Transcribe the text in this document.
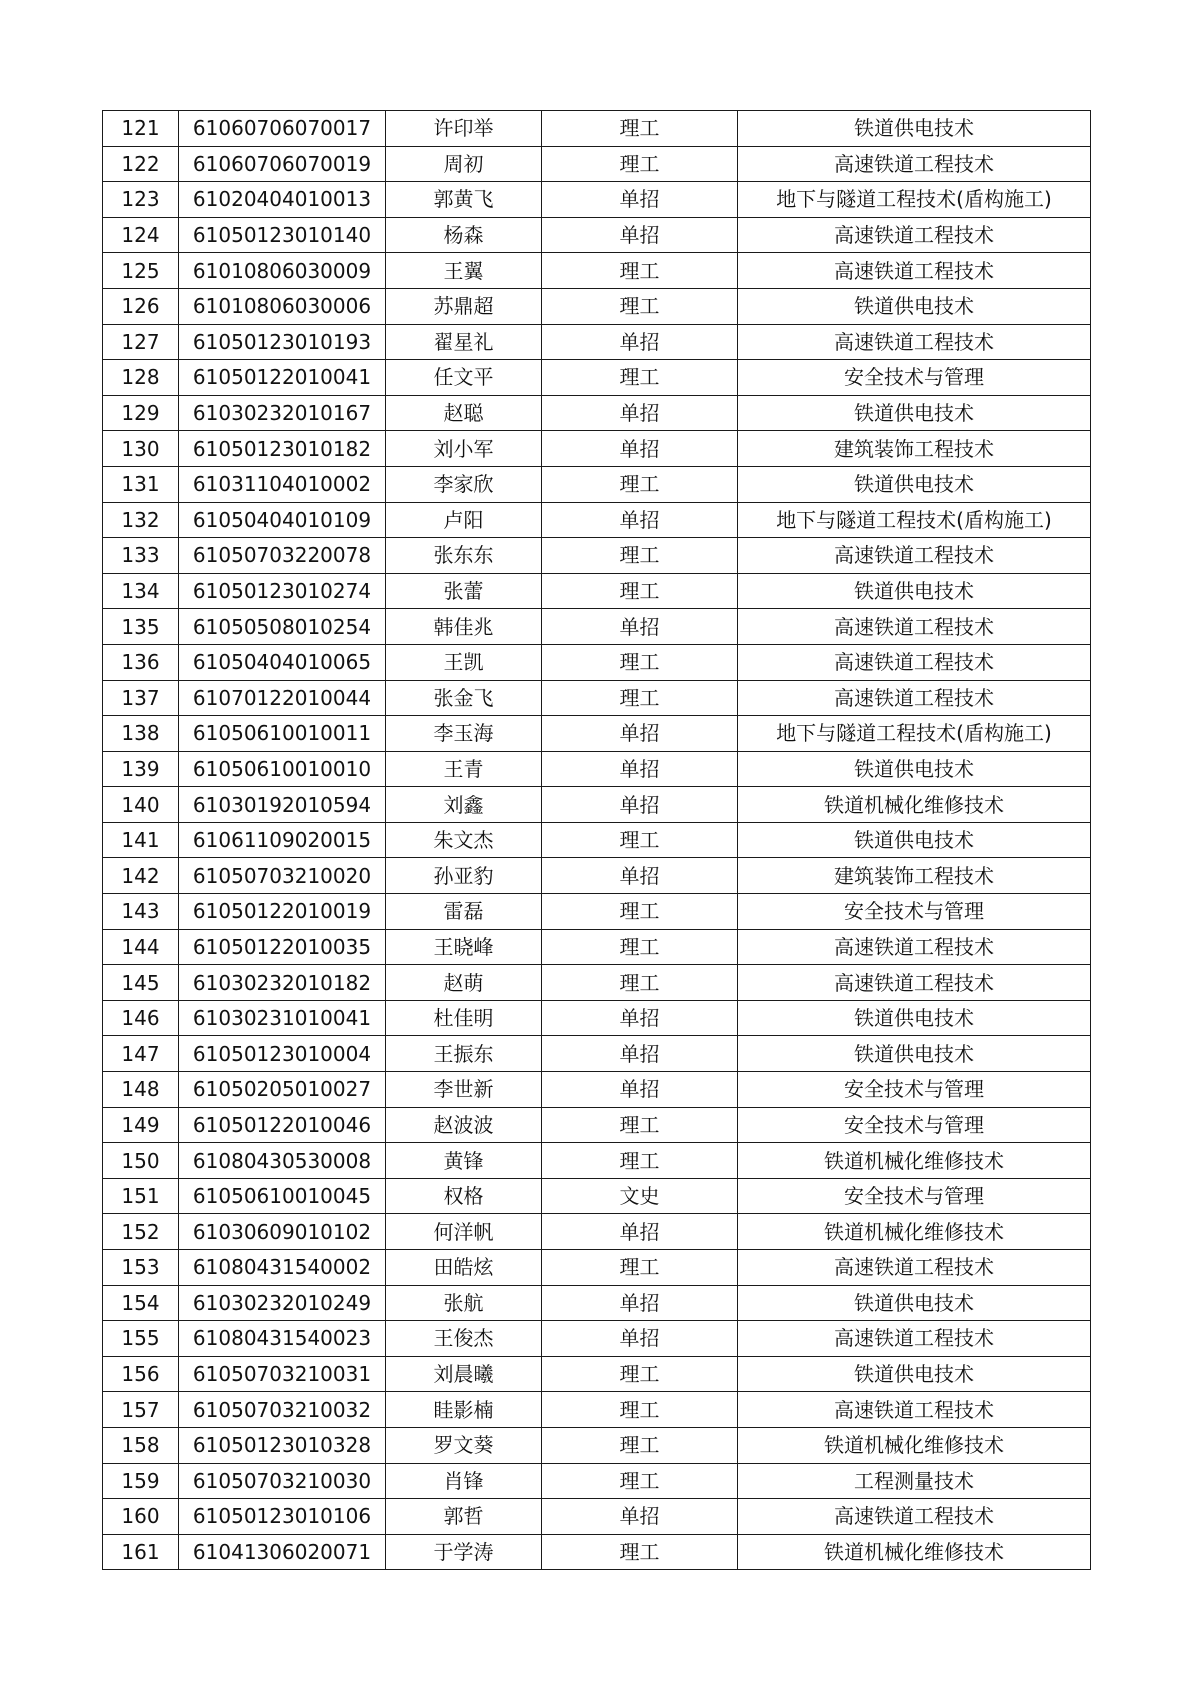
121	61060706070017	许印举	理工	铁道供电技术
122	61060706070019	周初	理工	高速铁道工程技术
123	61020404010013	郭黄飞	单招	地下与隧道工程技术(盾构施工)
124	61050123010140	杨森	单招	高速铁道工程技术
125	61010806030009	王翼	理工	高速铁道工程技术
126	61010806030006	苏鼎超	理工	铁道供电技术
127	61050123010193	翟星礼	单招	高速铁道工程技术
128	61050122010041	任文平	理工	安全技术与管理
129	61030232010167	赵聪	单招	铁道供电技术
130	61050123010182	刘小军	单招	建筑装饰工程技术
131	61031104010002	李家欣	理工	铁道供电技术
132	61050404010109	卢阳	单招	地下与隧道工程技术(盾构施工)
133	61050703220078	张东东	理工	高速铁道工程技术
134	61050123010274	张蕾	理工	铁道供电技术
135	61050508010254	韩佳兆	单招	高速铁道工程技术
136	61050404010065	王凯	理工	高速铁道工程技术
137	61070122010044	张金飞	理工	高速铁道工程技术
138	61050610010011	李玉海	单招	地下与隧道工程技术(盾构施工)
139	61050610010010	王青	单招	铁道供电技术
140	61030192010594	刘鑫	单招	铁道机械化维修技术
141	61061109020015	朱文杰	理工	铁道供电技术
142	61050703210020	孙亚豹	单招	建筑装饰工程技术
143	61050122010019	雷磊	理工	安全技术与管理
144	61050122010035	王晓峰	理工	高速铁道工程技术
145	61030232010182	赵萌	理工	高速铁道工程技术
146	61030231010041	杜佳明	单招	铁道供电技术
147	61050123010004	王振东	单招	铁道供电技术
148	61050205010027	李世新	单招	安全技术与管理
149	61050122010046	赵波波	理工	安全技术与管理
150	61080430530008	黄锋	理工	铁道机械化维修技术
151	61050610010045	权格	文史	安全技术与管理
152	61030609010102	何洋帆	单招	铁道机械化维修技术
153	61080431540002	田皓炫	理工	高速铁道工程技术
154	61030232010249	张航	单招	铁道供电技术
155	61080431540023	王俊杰	单招	高速铁道工程技术
156	61050703210031	刘晨曦	理工	铁道供电技术
157	61050703210032	眭影楠	理工	高速铁道工程技术
158	61050123010328	罗文葵	理工	铁道机械化维修技术
159	61050703210030	肖锋	理工	工程测量技术
160	61050123010106	郭哲	单招	高速铁道工程技术
161	61041306020071	于学涛	理工	铁道机械化维修技术
